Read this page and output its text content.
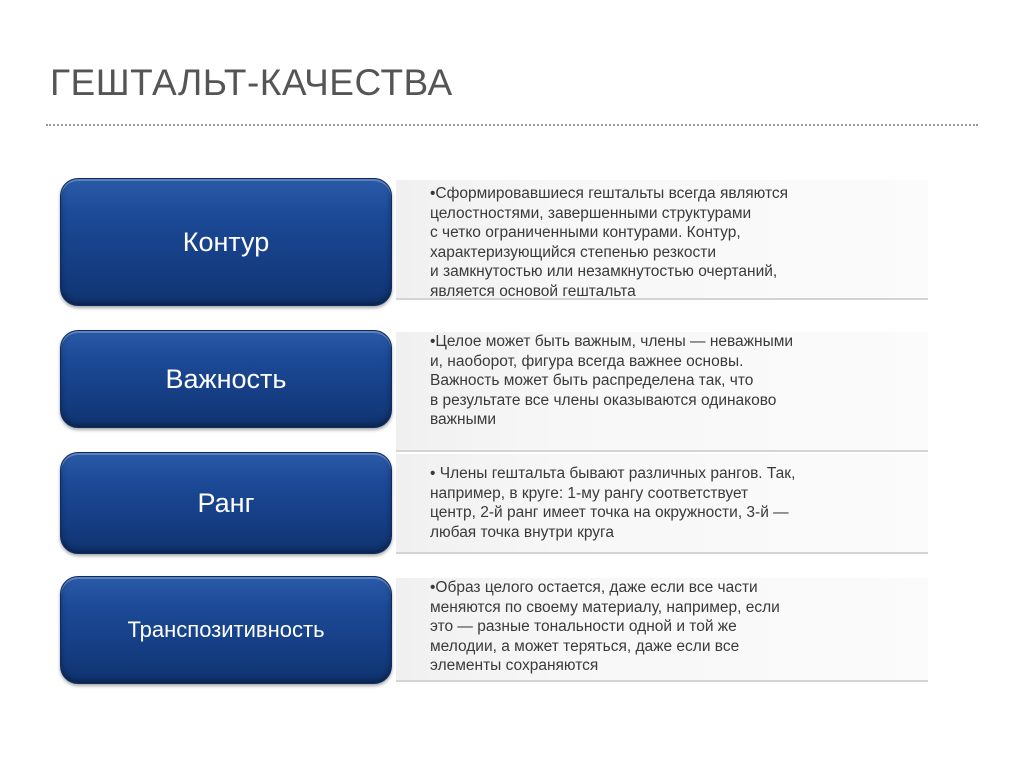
ГЕШТАЛЬТ-КАЧЕСТВА
Контур
•Сформировавшиеся гештальты всегда являются
целостностями, завершенными структурами
с четко ограниченными контурами. Контур,
характеризующийся степенью резкости
и замкнутостью или незамкнутостью очертаний,
является основой гештальта
Важность
•Целое может быть важным, члены — неважными
и, наоборот, фигура всегда важнее основы.
Важность может быть распределена так, что
в результате все члены оказываются одинаково
важными
Ранг
• Члены гештальта бывают различных рангов. Так,
например, в круге: 1-му рангу соответствует
центр, 2-й ранг имеет точка на окружности, 3-й —
любая точка внутри круга
Транспозитивность
•Образ целого остается, даже если все части
меняются по своему материалу, например, если
это — разные тональности одной и той же
мелодии, а может теряться, даже если все
элементы сохраняются
